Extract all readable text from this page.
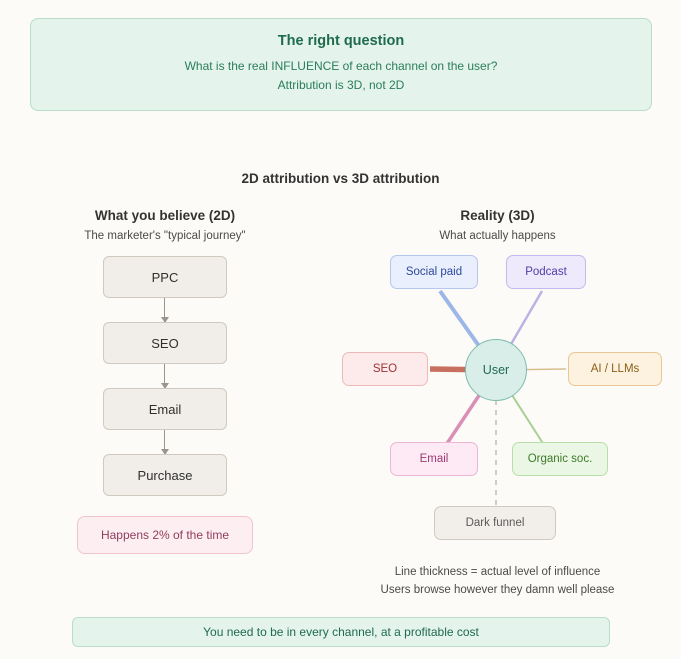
The right question
What is the real INFLUENCE of each channel on the user?
Attribution is 3D, not 2D
2D attribution vs 3D attribution
What you believe (2D)
The marketer's "typical journey"
Reality (3D)
What actually happens
PPC
SEO
Email
Purchase
Happens 2% of the time
Social paid	Podcast
SEO	AI / LLMs
Email	Organic soc.
Dark funnel
User
Line thickness = actual level of influence
Users browse however they damn well please
You need to be in every channel, at a profitable cost
